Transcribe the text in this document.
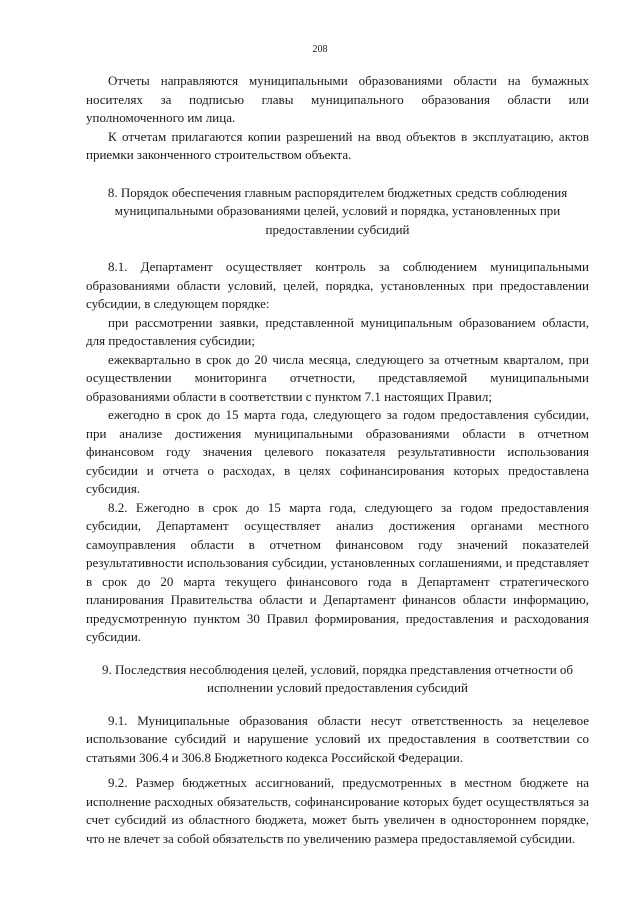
208

Отчеты направляются муниципальными образованиями области на бумажных носителях за подписью главы муниципального образования области или уполномоченного им лица.

К отчетам прилагаются копии разрешений на ввод объектов в эксплуатацию, актов приемки законченного строительством объекта.

8. Порядок обеспечения главным распорядителем бюджетных средств соблюдения муниципальными образованиями целей, условий и порядка, установленных при предоставлении субсидий

8.1. Департамент осуществляет контроль за соблюдением муниципальными образованиями области условий, целей, порядка, установленных при предоставлении субсидии, в следующем порядке:

при рассмотрении заявки, представленной муниципальным образованием области, для предоставления субсидии;

ежеквартально в срок до 20 числа месяца, следующего за отчетным кварталом, при осуществлении мониторинга отчетности, представляемой муниципальными образованиями области в соответствии с пунктом 7.1 настоящих Правил;

ежегодно в срок до 15 марта года, следующего за годом предоставления субсидии, при анализе достижения муниципальными образованиями области в отчетном финансовом году значения целевого показателя результативности использования субсидии и отчета о расходах, в целях софинансирования которых предоставлена субсидия.

8.2. Ежегодно в срок до 15 марта года, следующего за годом предоставления субсидии, Департамент осуществляет анализ достижения органами местного самоуправления области в отчетном финансовом году значений показателей результативности использования субсидии, установленных соглашениями, и представляет в срок до 20 марта текущего финансового года в Департамент стратегического планирования Правительства области и Департамент финансов области информацию, предусмотренную пунктом 30 Правил формирования, предоставления и расходования субсидии.

9. Последствия несоблюдения целей, условий, порядка представления отчетности об исполнении условий предоставления субсидий

9.1. Муниципальные образования области несут ответственность за нецелевое использование субсидий и нарушение условий их предоставления в соответствии со статьями 306.4 и 306.8 Бюджетного кодекса Российской Федерации.

9.2. Размер бюджетных ассигнований, предусмотренных в местном бюджете на исполнение расходных обязательств, софинансирование которых будет осуществляться за счет субсидий из областного бюджета, может быть увеличен в одностороннем порядке, что не влечет за собой обязательств по увеличению размера предоставляемой субсидии.
